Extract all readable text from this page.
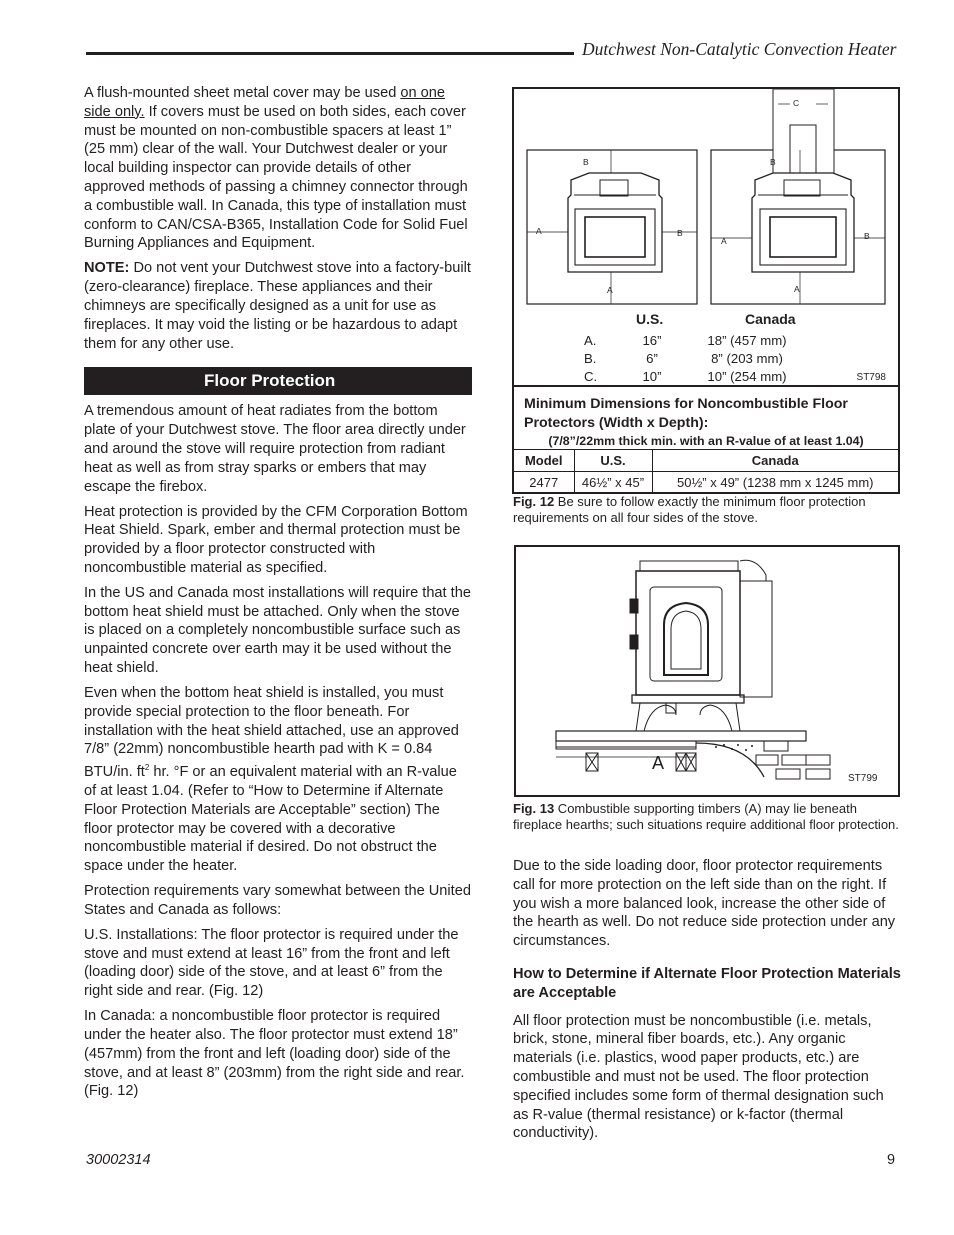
Dutchwest Non-Catalytic Convection Heater

A flush-mounted sheet metal cover may be used on one side only. If covers must be used on both sides, each cover must be mounted on non-combustible spacers at least 1” (25 mm) clear of the wall. Your Dutchwest dealer or your local building inspector can provide details of other approved methods of passing a chimney connector through a combustible wall. In Canada, this type of installation must conform to CAN/CSA-B365, Installation Code for Solid Fuel Burning Appliances and Equipment.

NOTE: Do not vent your Dutchwest stove into a factory-built (zero-clearance) fireplace. These appliances and their chimneys are specifically designed as a unit for use as fireplaces. It may void the listing or be hazardous to adapt them for any other use.

Floor Protection

A tremendous amount of heat radiates from the bottom plate of your Dutchwest stove. The floor area directly under and around the stove will require protection from radiant heat as well as from stray sparks or embers that may escape the firebox.

Heat protection is provided by the CFM Corporation Bottom Heat Shield. Spark, ember and thermal protection must be provided by a floor protector constructed with noncombustible material as specified.

In the US and Canada most installations will require that the bottom heat shield must be attached. Only when the stove is placed on a completely noncombustible surface such as unpainted concrete over earth may it be used without the heat shield.

Even when the bottom heat shield is installed, you must provide special protection to the floor beneath. For installation with the heat shield attached, use an approved 7/8” (22mm) noncombustible hearth pad with K = 0.84 BTU/in. $ft^2$ hr. °F or an equivalent material with an R-value of at least 1.04. (Refer to “How to Determine if Alternate Floor Protection Materials are Acceptable” section) The floor protector may be covered with a decorative noncombustible material if desired. Do not obstruct the space under the heater.

Protection requirements vary somewhat between the United States and Canada as follows:

U.S. Installations: The floor protector is required under the stove and must extend at least 16” from the front and left (loading door) side of the stove, and at least 6” from the right side and rear. (Fig. 12)

In Canada: a noncombustible floor protector is required under the heater also. The floor protector must extend 18” (457mm) from the front and left (loading door) side of the stove, and at least 8” (203mm) from the right side and rear. (Fig. 12)

A	B
B
A
A	B
B
A
C
U.S.	Canada
A.	16”	18” (457 mm)
B.	6”	8” (203 mm)
C.	10”	10” (254 mm)	ST798
Minimum Dimensions for Noncombustible Floor Protectors (Width x Depth):
(7/8”/22mm thick min. with an R-value of at least 1.04)
Model	U.S.	Canada
2477	46½” x 45”	50½” x 49” (1238 mm x 1245 mm)
Fig. 12 Be sure to follow exactly the minimum floor protection requirements on all four sides of the stove.
A
ST799
Fig. 13 Combustible supporting timbers (A) may lie beneath fireplace hearths; such situations require additional floor protection.

Due to the side loading door, floor protector requirements call for more protection on the left side than on the right. If you wish a more balanced look, increase the other side of the hearth as well. Do not reduce side protection under any circumstances.

How to Determine if Alternate Floor Protection Materials are Acceptable

All floor protection must be noncombustible (i.e. metals, brick, stone, mineral fiber boards, etc.). Any organic materials (i.e. plastics, wood paper products, etc.) are combustible and must not be used. The floor protection specified includes some form of thermal designation such as R-value (thermal resistance) or k-factor (thermal conductivity).

30002314	9
